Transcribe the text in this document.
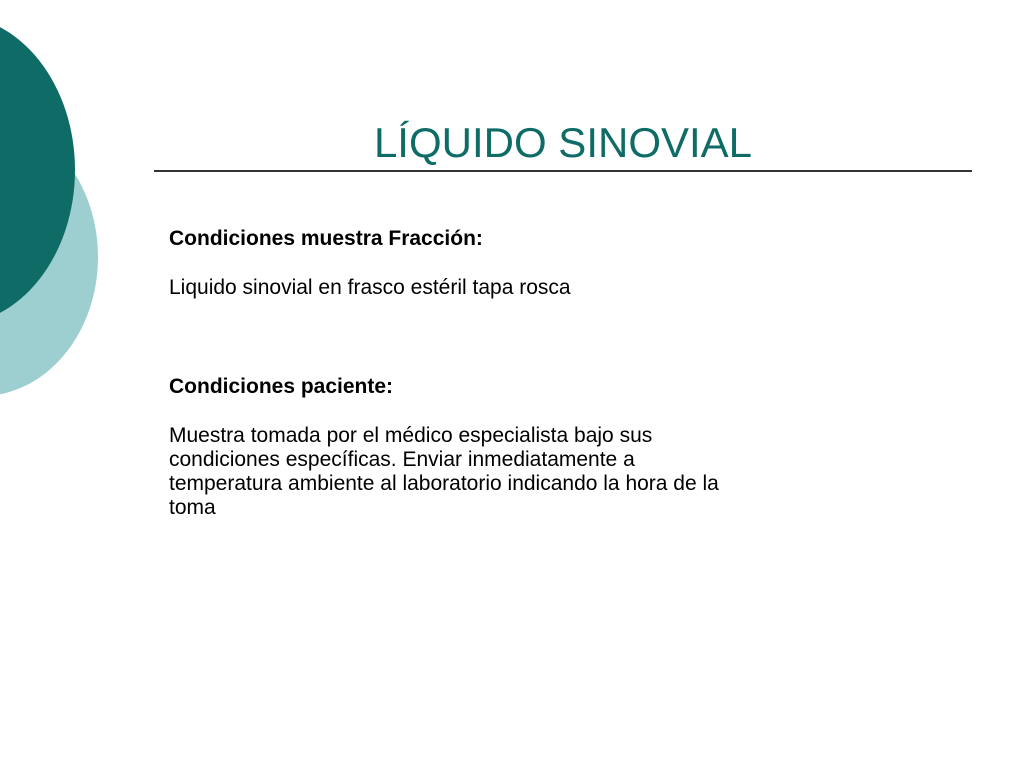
LÍQUIDO SINOVIAL

Condiciones muestra Fracción:

Liquido sinovial en frasco estéril tapa rosca

Condiciones paciente:

Muestra tomada por el médico especialista bajo sus condiciones específicas. Enviar inmediatamente a temperatura ambiente al laboratorio indicando la hora de la toma
